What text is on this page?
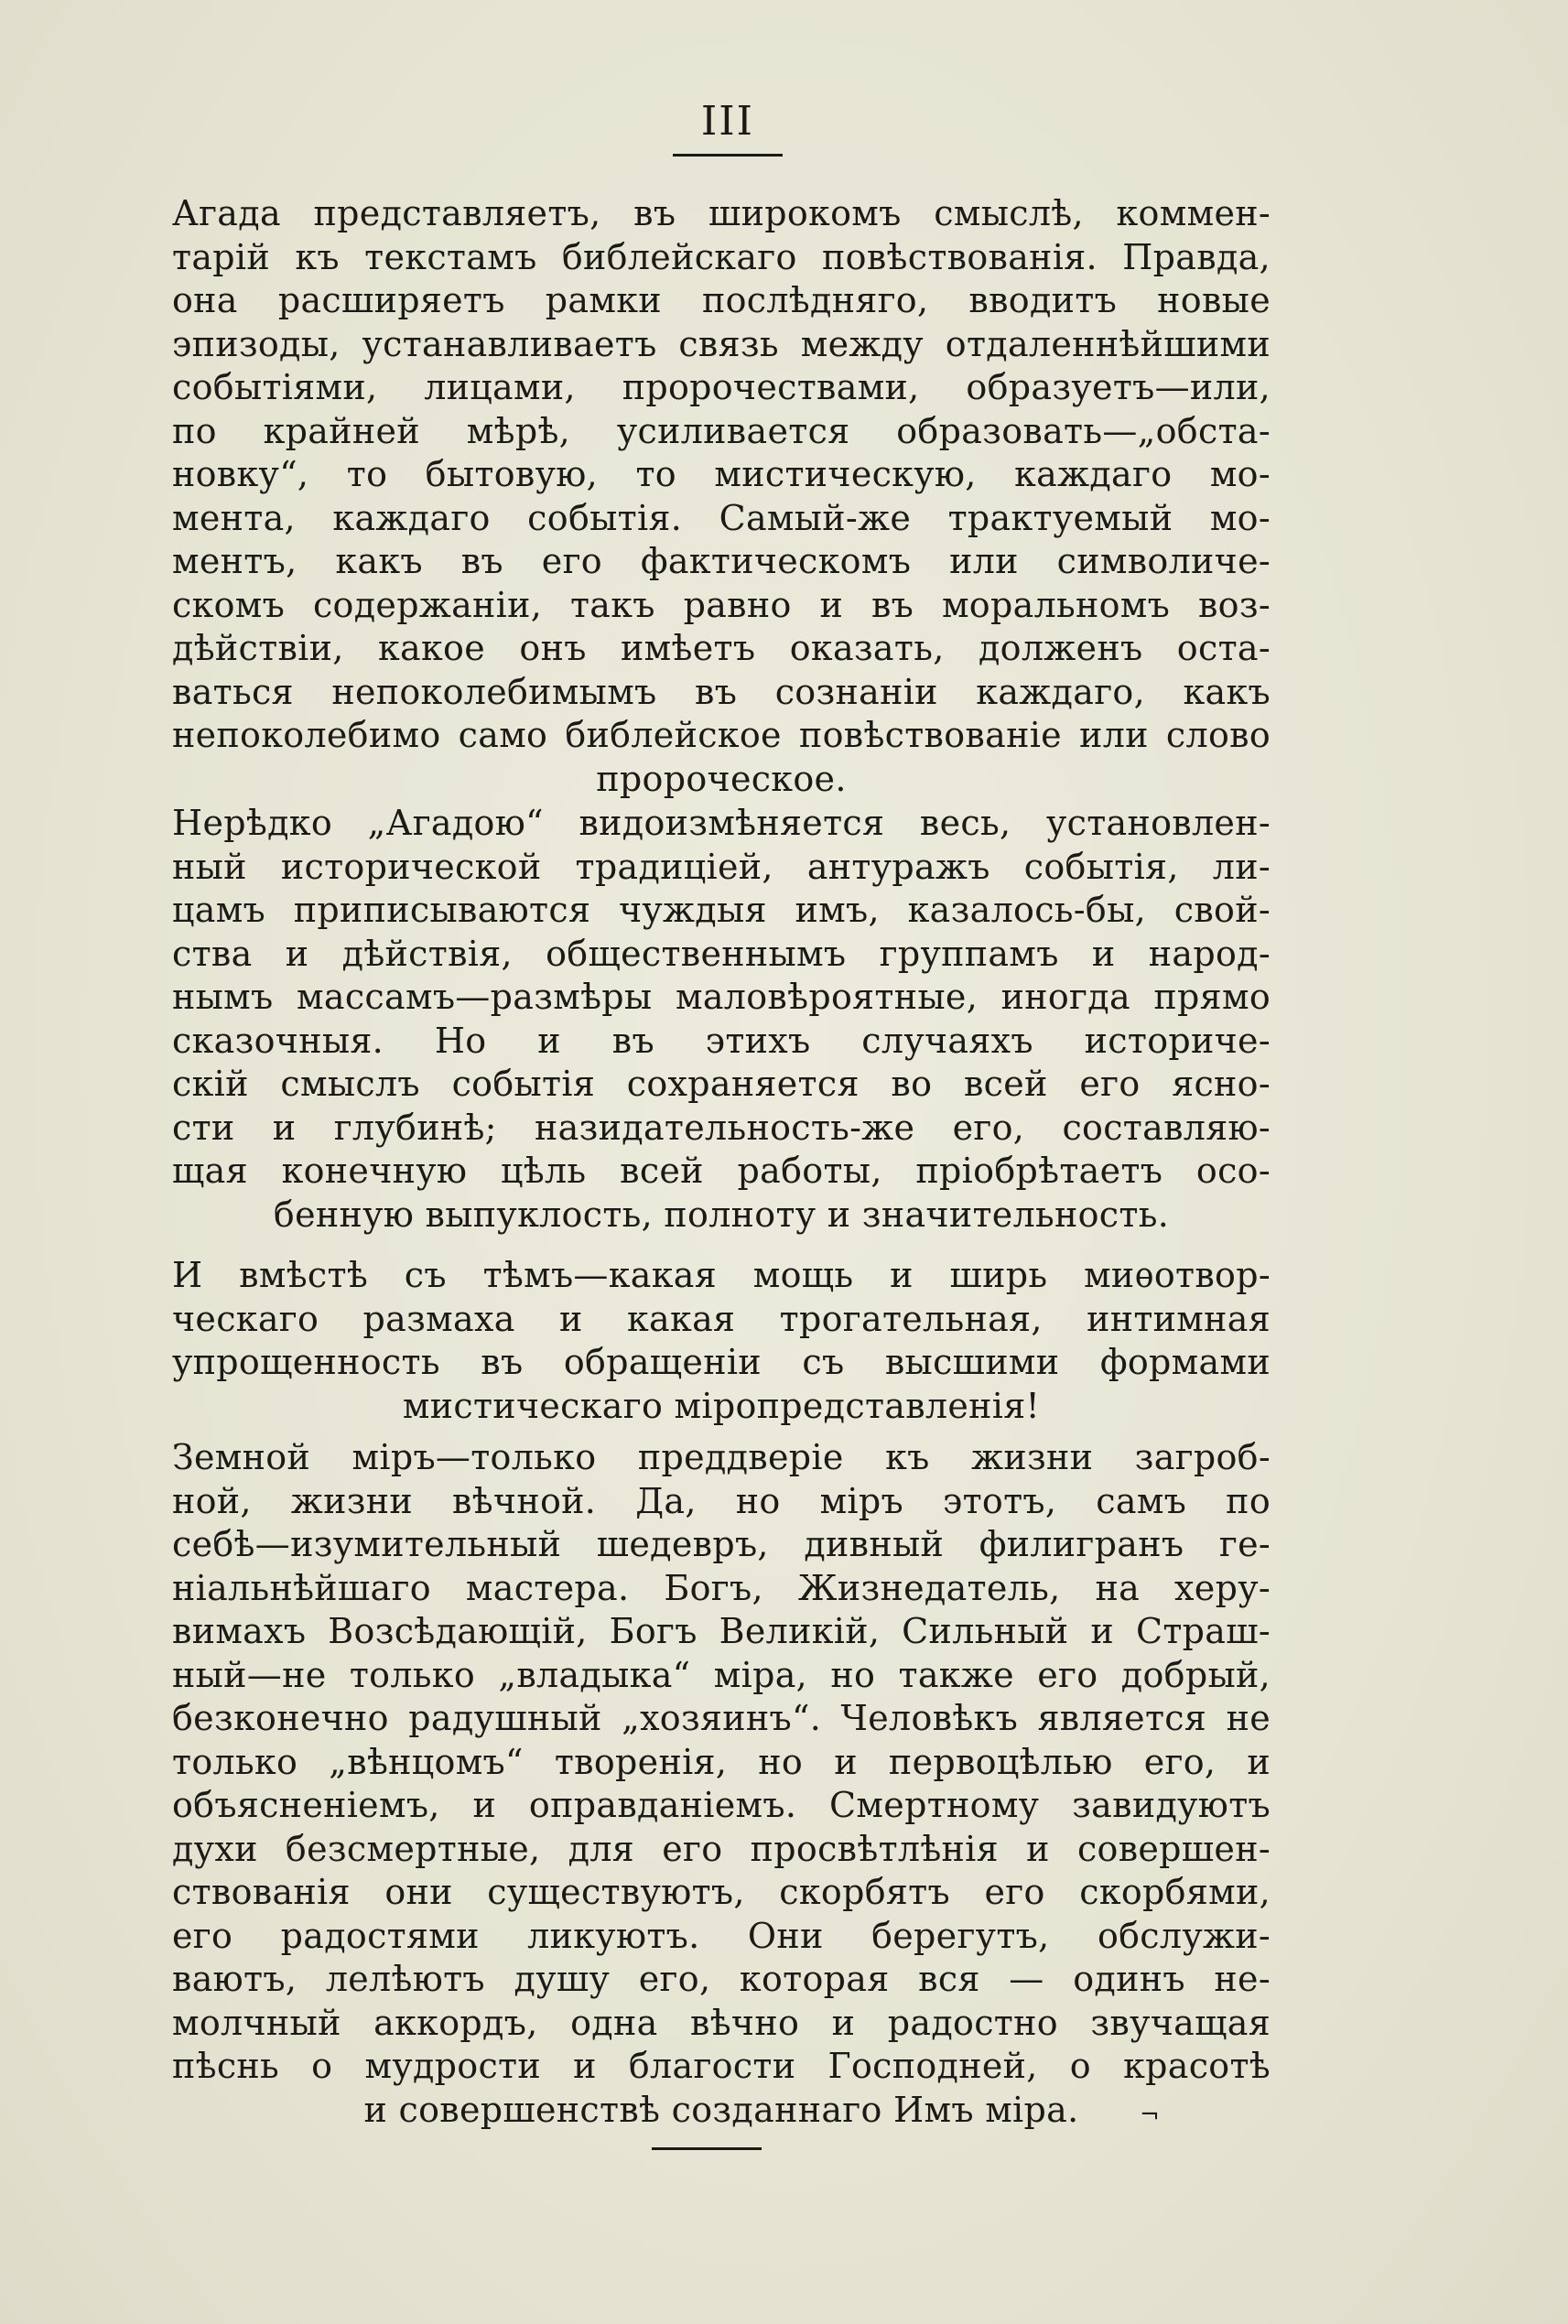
III
Агада представляетъ, въ широкомъ смыслѣ, коммен-
тарій къ текстамъ библейскаго повѣствованія. Правда,
она расширяетъ рамки послѣдняго, вводитъ новые
эпизоды, устанавливаетъ связь между отдаленнѣйшими
событіями, лицами, пророчествами, образуетъ—или,
по крайней мѣрѣ, усиливается образовать—„обста-
новку“, то бытовую, то мистическую, каждаго мо-
мента, каждаго событія. Самый-же трактуемый мо-
ментъ, какъ въ его фактическомъ или символиче-
скомъ содержаніи, такъ равно и въ моральномъ воз-
дѣйствіи, какое онъ имѣетъ оказать, долженъ оста-
ваться непоколебимымъ въ сознаніи каждаго, какъ
непоколебимо само библейское повѣствованіе или слово
пророческое.
Нерѣдко „Агадою“ видоизмѣняется весь, установлен-
ный исторической традиціей, антуражъ событія, ли-
цамъ приписываются чуждыя имъ, казалось-бы, свой-
ства и дѣйствія, общественнымъ группамъ и народ-
нымъ массамъ—размѣры маловѣроятные, иногда прямо
сказочныя. Но и въ этихъ случаяхъ историче-
скій смыслъ событія сохраняется во всей его ясно-
сти и глубинѣ; назидательность-же его, составляю-
щая конечную цѣль всей работы, пріобрѣтаетъ осо-
бенную выпуклость, полноту и значительность.
И вмѣстѣ съ тѣмъ—какая мощь и ширь миѳотвор-
ческаго размаха и какая трогательная, интимная
упрощенность въ обращеніи съ высшими формами
мистическаго міропредставленія!
Земной міръ—только преддверіе къ жизни загроб-
ной, жизни вѣчной. Да, но міръ этотъ, самъ по
себѣ—изумительный шедевръ, дивный филигранъ ге-
ніальнѣйшаго мастера. Богъ, Жизнедатель, на херу-
вимахъ Возсѣдающій, Богъ Великій, Сильный и Страш-
ный—не только „владыка“ міра, но также его добрый,
безконечно радушный „хозяинъ“. Человѣкъ является не
только „вѣнцомъ“ творенія, но и первоцѣлью его, и
объясненіемъ, и оправданіемъ. Смертному завидуютъ
духи безсмертные, для его просвѣтлѣнія и совершен-
ствованія они существуютъ, скорбятъ его скорбями,
его радостями ликуютъ. Они берегутъ, обслужи-
ваютъ, лелѣютъ душу его, которая вся — одинъ не-
молчный аккордъ, одна вѣчно и радостно звучащая
пѣснь о мудрости и благости Господней, о красотѣ
и совершенствѣ созданнаго Имъ міра.	¬
